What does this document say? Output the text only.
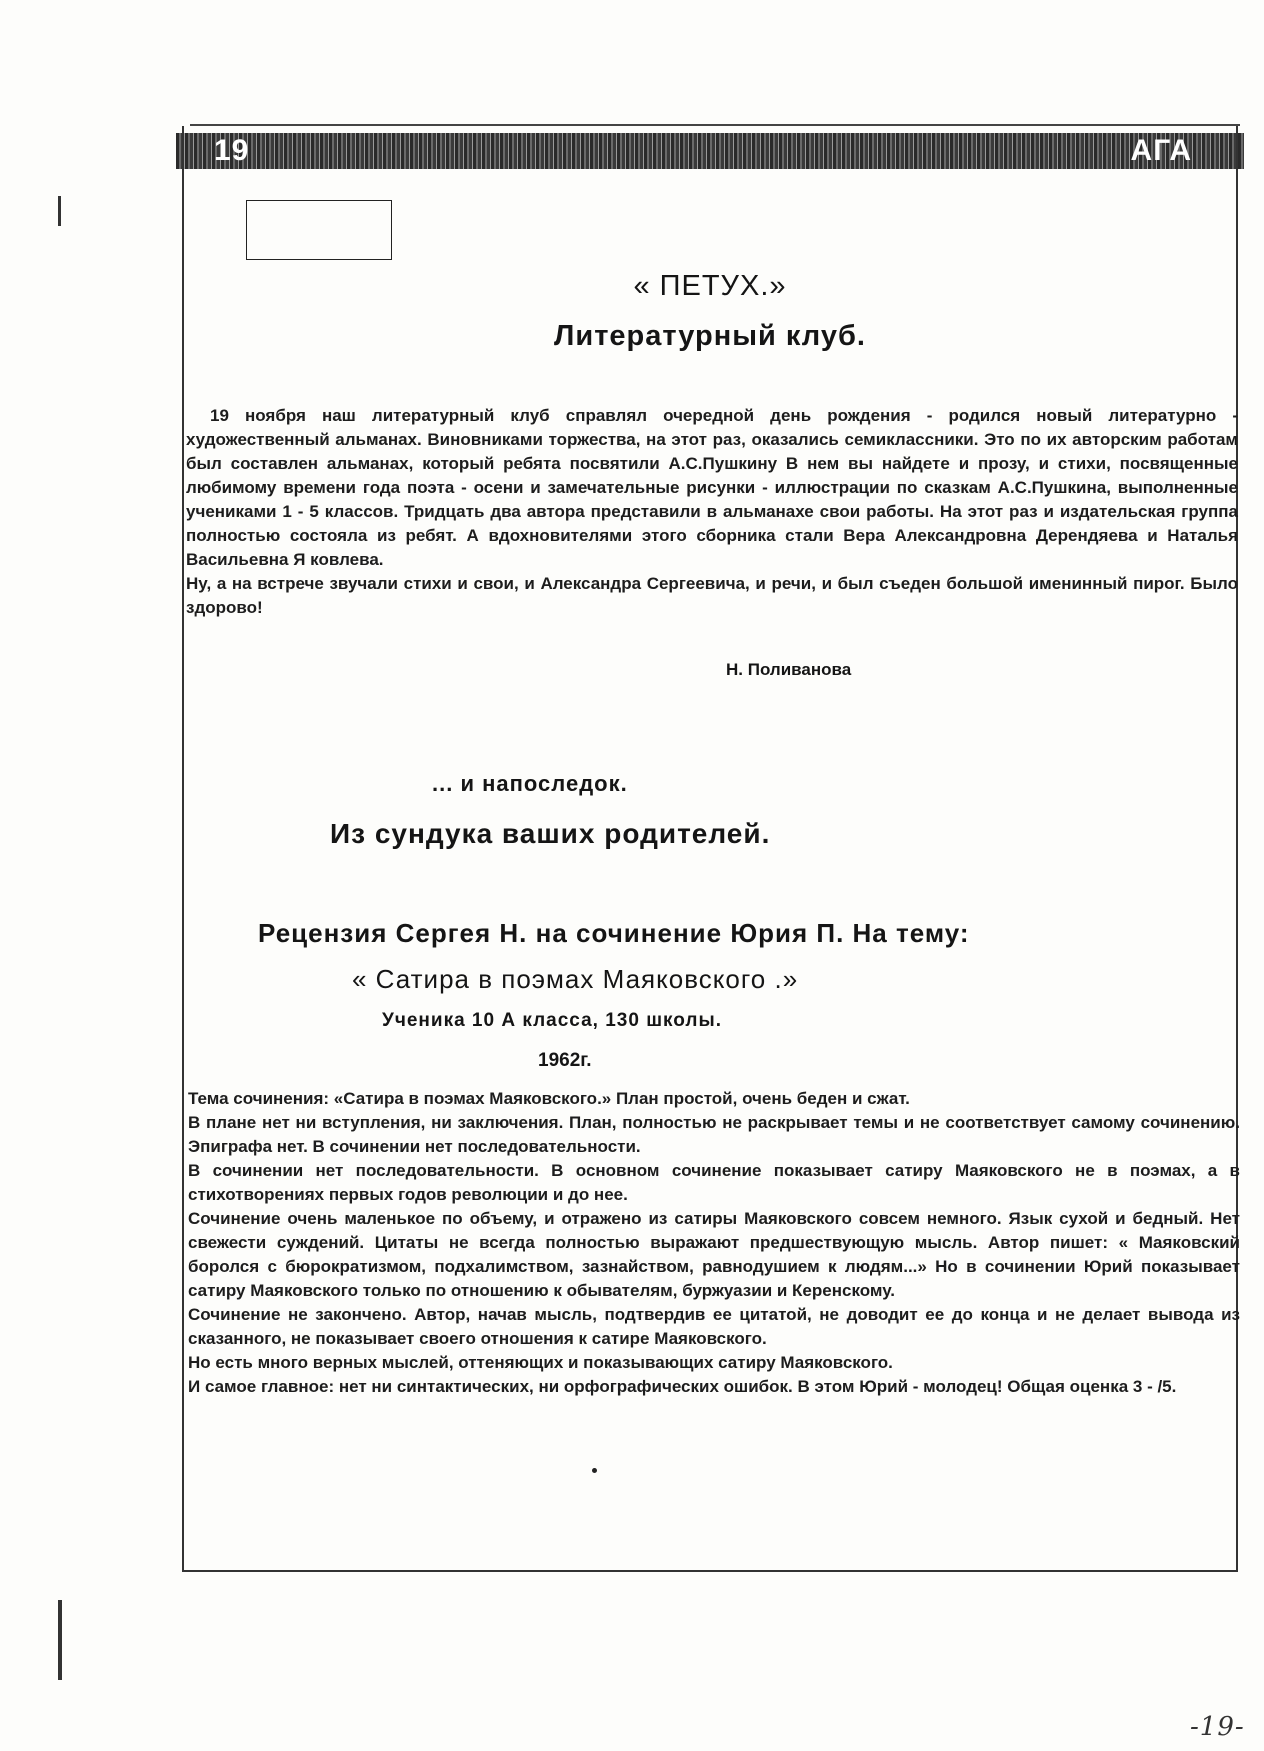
19	АГА
« ПЕТУХ.»
Литературный клуб.

19 ноября наш литературный клуб справлял очередной день рождения - родился новый литературно - художественный альманах. Виновниками торжества, на этот раз, оказались семиклассники. Это по их авторским работам был составлен альманах, который ребята посвятили А.С.Пушкину В нем вы найдете и прозу, и стихи, посвященные любимому времени года поэта - осени и замечательные рисунки - иллюстрации по сказкам А.С.Пушкина, выполненные учениками 1 - 5 классов. Тридцать два автора представили в альманахе свои работы. На этот раз и издательская группа полностью состояла из ребят. А вдохновителями этого сборника стали Вера Александровна Дерендяева и Наталья Васильевна Я ковлева.

Ну, а на встрече звучали стихи и свои, и Александра Сергеевича, и речи, и был съеден большой именинный пирог. Было здорово!

Н. Поливанова
... и напоследок.
Из сундука ваших родителей.
Рецензия Сергея Н. на сочинение Юрия П. На тему:
« Сатира в поэмах Маяковского .»
Ученика 10 А класса, 130 школы.
1962г.

Тема сочинения: «Сатира в поэмах Маяковского.» План простой, очень беден и сжат.

В плане нет ни вступления, ни заключения. План, полностью не раскрывает темы и не соответствует самому сочинению. Эпиграфа нет. В сочинении нет последовательности.

В сочинении нет последовательности. В основном сочинение показывает сатиру Маяковского не в поэмах, а в стихотворениях первых годов революции и до нее.

Сочинение очень маленькое по объему, и отражено из сатиры Маяковского совсем немного. Язык сухой и бедный. Нет свежести суждений. Цитаты не всегда полностью выражают предшествующую мысль. Автор пишет: « Маяковский боролся с бюрократизмом, подхалимством, зазнайством, равнодушием к людям...» Но в сочинении Юрий показывает сатиру Маяковского только по отношению к обывателям, буржуазии и Керенскому.

Сочинение не закончено. Автор, начав мысль, подтвердив ее цитатой, не доводит ее до конца и не делает вывода из сказанного, не показывает своего отношения к сатире Маяковского.

Но есть много верных мыслей, оттеняющих и показывающих сатиру Маяковского.

И самое главное: нет ни синтактических, ни орфографических ошибок. В этом Юрий - молодец! Общая оценка 3 - /5.

-19-
